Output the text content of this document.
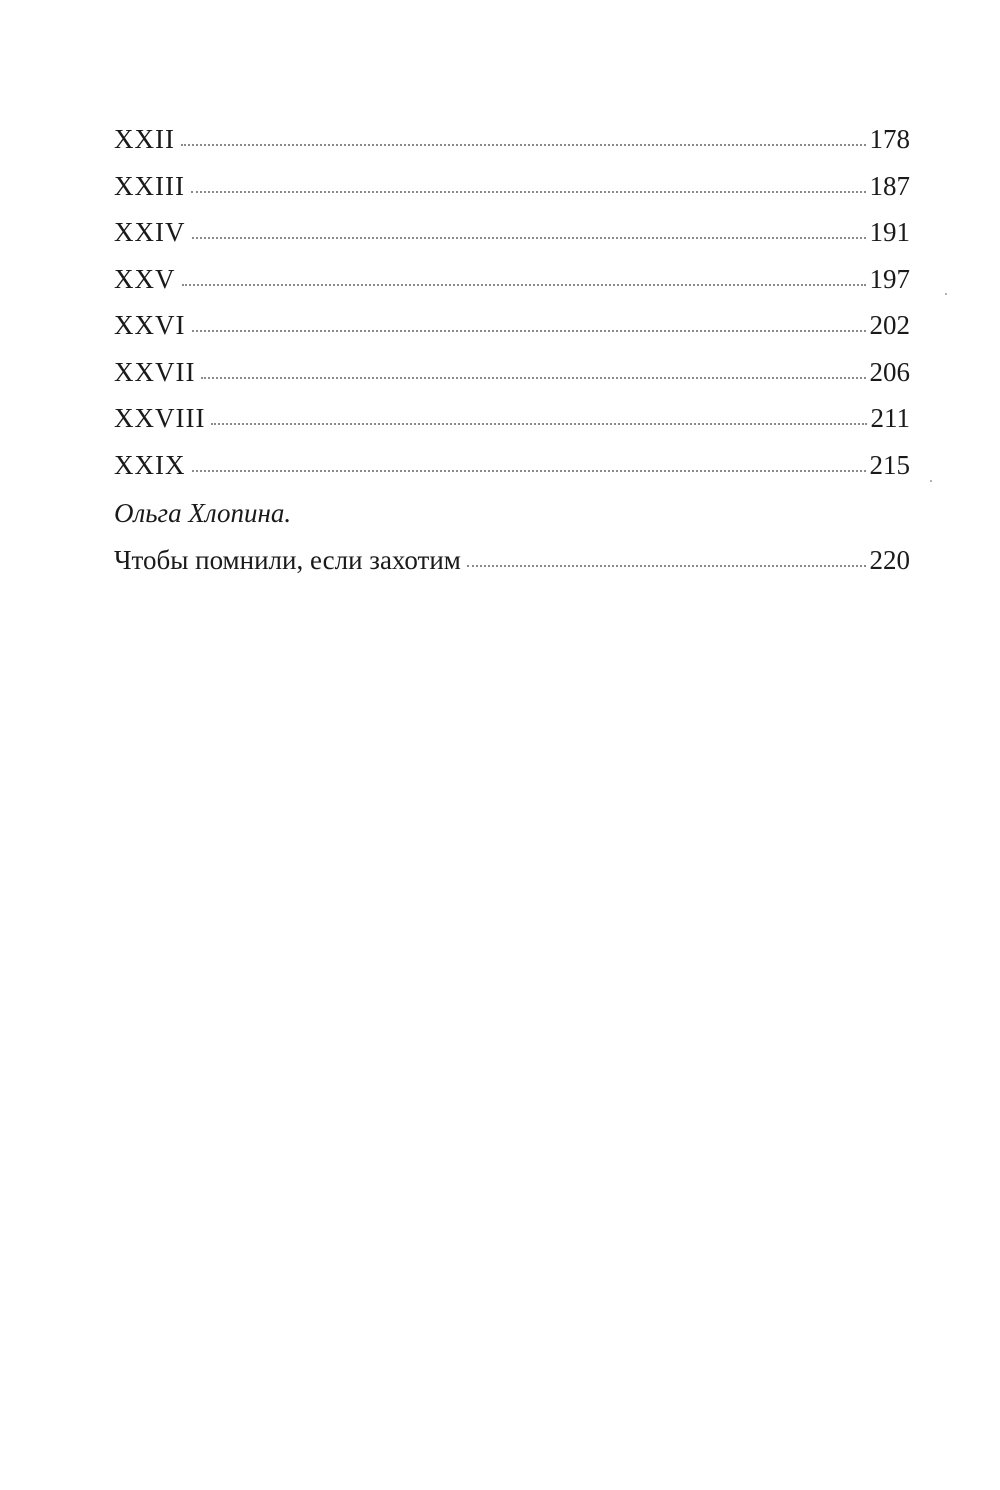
XXII	178
XXIII	187
XXIV	191
XXV	197
XXVI	202
XXVII	206
XXVIII	211
XXIX	215
Ольга Хлопина.
Чтобы помнили, если захотим	220
